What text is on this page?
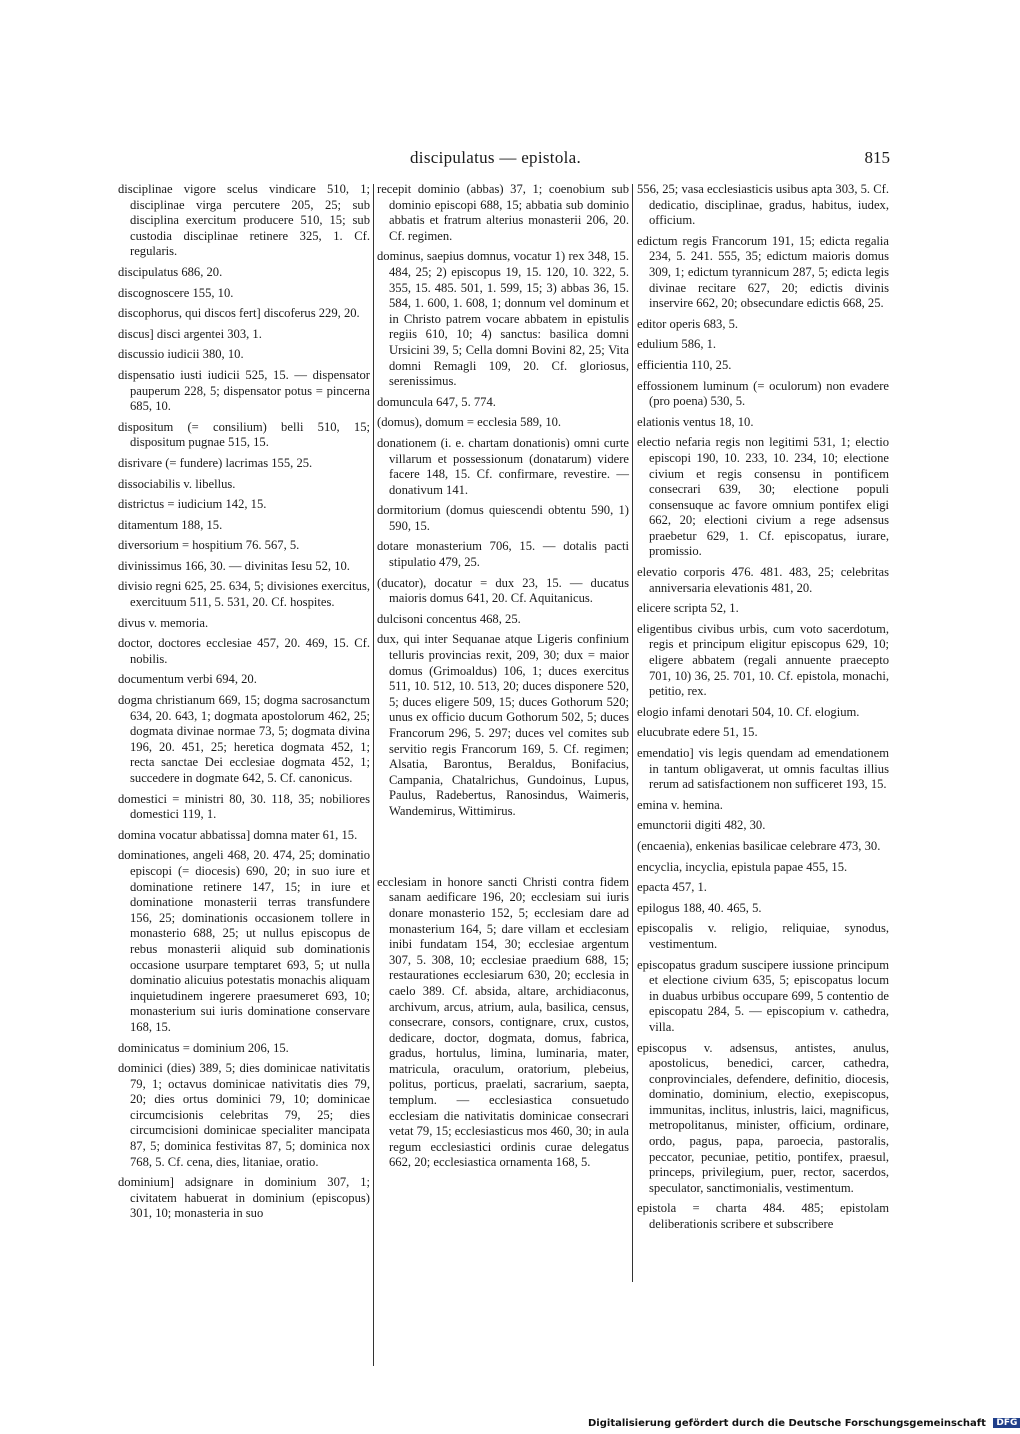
discipulatus — epistola.	815

disciplinae vigore scelus vindicare 510, 1; disciplinae virga percutere 205, 25; sub disciplina exercitum producere 510, 15; sub custodia disciplinae retinere 325, 1. Cf. regularis.

discipulatus 686, 20.

discognoscere 155, 10.

discophorus, qui discos fert] discoferus 229, 20.

discus] disci argentei 303, 1.

discussio iudicii 380, 10.

dispensatio iusti iudicii 525, 15. — dispensator pauperum 228, 5; dispensator potus = pincerna 685, 10.

dispositum (= consilium) belli 510, 15; dispositum pugnae 515, 15.

disrivare (= fundere) lacrimas 155, 25.

dissociabilis v. libellus.

districtus = iudicium 142, 15.

ditamentum 188, 15.

diversorium = hospitium 76. 567, 5.

divinissimus 166, 30. — divinitas Iesu 52, 10.

divisio regni 625, 25. 634, 5; divisiones exercitus, exercituum 511, 5. 531, 20. Cf. hospites.

divus v. memoria.

doctor, doctores ecclesiae 457, 20. 469, 15. Cf. nobilis.

documentum verbi 694, 20.

dogma christianum 669, 15; dogma sacrosanctum 634, 20. 643, 1; dogmata apostolorum 462, 25; dogmata divinae normae 73, 5; dogmata divina 196, 20. 451, 25; heretica dogmata 452, 1; recta sanctae Dei ecclesiae dogmata 452, 1; succedere in dogmate 642, 5. Cf. canonicus.

domestici = ministri 80, 30. 118, 35; nobiliores domestici 119, 1.

domina vocatur abbatissa] domna mater 61, 15.

dominationes, angeli 468, 20. 474, 25; dominatio episcopi (= diocesis) 690, 20; in suo iure et dominatione retinere 147, 15; in iure et dominatione monasterii terras transfundere 156, 25; dominationis occasionem tollere in monasterio 688, 25; ut nullus episcopus de rebus monasterii aliquid sub dominationis occasione usurpare temptaret 693, 5; ut nulla dominatio alicuius potestatis monachis aliquam inquietudinem ingerere praesumeret 693, 10; monasterium sui iuris dominatione conservare 168, 15.

dominicatus = dominium 206, 15.

dominici (dies) 389, 5; dies dominicae nativitatis 79, 1; octavus dominicae nativitatis dies 79, 20; dies ortus dominici 79, 10; dominicae circumcisionis celebritas 79, 25; dies circumcisioni dominicae specialiter mancipata 87, 5; dominica festivitas 87, 5; dominica nox 768, 5. Cf. cena, dies, litaniae, oratio.

dominium] adsignare in dominium 307, 1; civitatem habuerat in dominium (episcopus) 301, 10; monasteria in suo

recepit dominio (abbas) 37, 1; coenobium sub dominio episcopi 688, 15; abbatia sub dominio abbatis et fratrum alterius monasterii 206, 20. Cf. regimen.

dominus, saepius domnus, vocatur 1) rex 348, 15. 484, 25; 2) episcopus 19, 15. 120, 10. 322, 5. 355, 15. 485. 501, 1. 599, 15; 3) abbas 36, 15. 584, 1. 600, 1. 608, 1; donnum vel dominum et in Christo patrem vocare abbatem in epistulis regiis 610, 10; 4) sanctus: basilica domni Ursicini 39, 5; Cella domni Bovini 82, 25; Vita domni Remagli 109, 20. Cf. gloriosus, serenissimus.

domuncula 647, 5. 774.

(domus), domum = ecclesia 589, 10.

donationem (i. e. chartam donationis) omni curte villarum et possessionum (donatarum) videre facere 148, 15. Cf. confirmare, revestire. — donativum 141.

dormitorium (domus quiescendi obtentu 590, 1) 590, 15.

dotare monasterium 706, 15. — dotalis pacti stipulatio 479, 25.

(ducator), docatur = dux 23, 15. — ducatus maioris domus 641, 20. Cf. Aquitanicus.

dulcisoni concentus 468, 25.

dux, qui inter Sequanae atque Ligeris confinium telluris provincias rexit, 209, 30; dux = maior domus (Grimoaldus) 106, 1; duces exercitus 511, 10. 512, 10. 513, 20; duces disponere 520, 5; duces eligere 509, 15; duces Gothorum 520; unus ex officio ducum Gothorum 502, 5; duces Francorum 296, 5. 297; duces vel comites sub servitio regis Francorum 169, 5. Cf. regimen; Alsatia, Barontus, Beraldus, Bonifacius, Campania, Chatalrichus, Gundoinus, Lupus, Paulus, Radebertus, Ranosindus, Waimeris, Wandemirus, Wittimirus.

ecclesiam in honore sancti Christi contra fidem sanam aedificare 196, 20; ecclesiam sui iuris donare monasterio 152, 5; ecclesiam dare ad monasterium 164, 5; dare villam et ecclesiam inibi fundatam 154, 30; ecclesiae argentum 307, 5. 308, 10; ecclesiae praedium 688, 15; restaurationes ecclesiarum 630, 20; ecclesia in caelo 389. Cf. absida, altare, archidiaconus, archivum, arcus, atrium, aula, basilica, census, consecrare, consors, contignare, crux, custos, dedicare, doctor, dogmata, domus, fabrica, gradus, hortulus, limina, luminaria, mater, matricula, oraculum, oratorium, plebeius, politus, porticus, praelati, sacrarium, saepta, templum. — ecclesiastica consuetudo ecclesiam die nativitatis dominicae consecrari vetat 79, 15; ecclesiasticus mos 460, 30; in aula regum ecclesiastici ordinis curae delegatus 662, 20; ecclesiastica ornamenta 168, 5.

556, 25; vasa ecclesiasticis usibus apta 303, 5. Cf. dedicatio, disciplinae, gradus, habitus, iudex, officium.

edictum regis Francorum 191, 15; edicta regalia 234, 5. 241. 555, 35; edictum maioris domus 309, 1; edictum tyrannicum 287, 5; edicta legis divinae recitare 627, 20; edictis divinis inservire 662, 20; obsecundare edictis 668, 25.

editor operis 683, 5.

edulium 586, 1.

efficientia 110, 25.

effossionem luminum (= oculorum) non evadere (pro poena) 530, 5.

elationis ventus 18, 10.

electio nefaria regis non legitimi 531, 1; electio episcopi 190, 10. 233, 10. 234, 10; electione civium et regis consensu in pontificem consecrari 639, 30; electione populi consensuque ac favore omnium pontifex eligi 662, 20; electioni civium a rege adsensus praebetur 629, 1. Cf. episcopatus, iurare, promissio.

elevatio corporis 476. 481. 483, 25; celebritas anniversaria elevationis 481, 20.

elicere scripta 52, 1.

eligentibus civibus urbis, cum voto sacerdotum, regis et principum eligitur episcopus 629, 10; eligere abbatem (regali annuente praecepto 701, 10) 36, 25. 701, 10. Cf. epistola, monachi, petitio, rex.

elogio infami denotari 504, 10. Cf. elogium.

elucubrate edere 51, 15.

emendatio] vis legis quendam ad emendationem in tantum obligaverat, ut omnis facultas illius rerum ad satisfactionem non sufficeret 193, 15.

emina v. hemina.

emunctorii digiti 482, 30.

(encaenia), enkenias basilicae celebrare 473, 30.

encyclia, incyclia, epistula papae 455, 15.

epacta 457, 1.

epilogus 188, 40. 465, 5.

episcopalis v. religio, reliquiae, synodus, vestimentum.

episcopatus gradum suscipere iussione principum et electione civium 635, 5; episcopatus locum in duabus urbibus occupare 699, 5 contentio de episcopatu 284, 5. — episcopium v. cathedra, villa.

episcopus v. adsensus, antistes, anulus, apostolicus, benedici, carcer, cathedra, conprovinciales, defendere, definitio, diocesis, dominatio, dominium, electio, exepiscopus, immunitas, inclitus, inlustris, laici, magnificus, metropolitanus, minister, officium, ordinare, ordo, pagus, papa, paroecia, pastoralis, peccator, pecuniae, petitio, pontifex, praesul, princeps, privilegium, puer, rector, sacerdos, speculator, sanctimonialis, vestimentum.

epistola = charta 484. 485; epistolam deliberationis scribere et subscribere

Digitalisierung gefördert durch die Deutsche Forschungsgemeinschaft DFG
